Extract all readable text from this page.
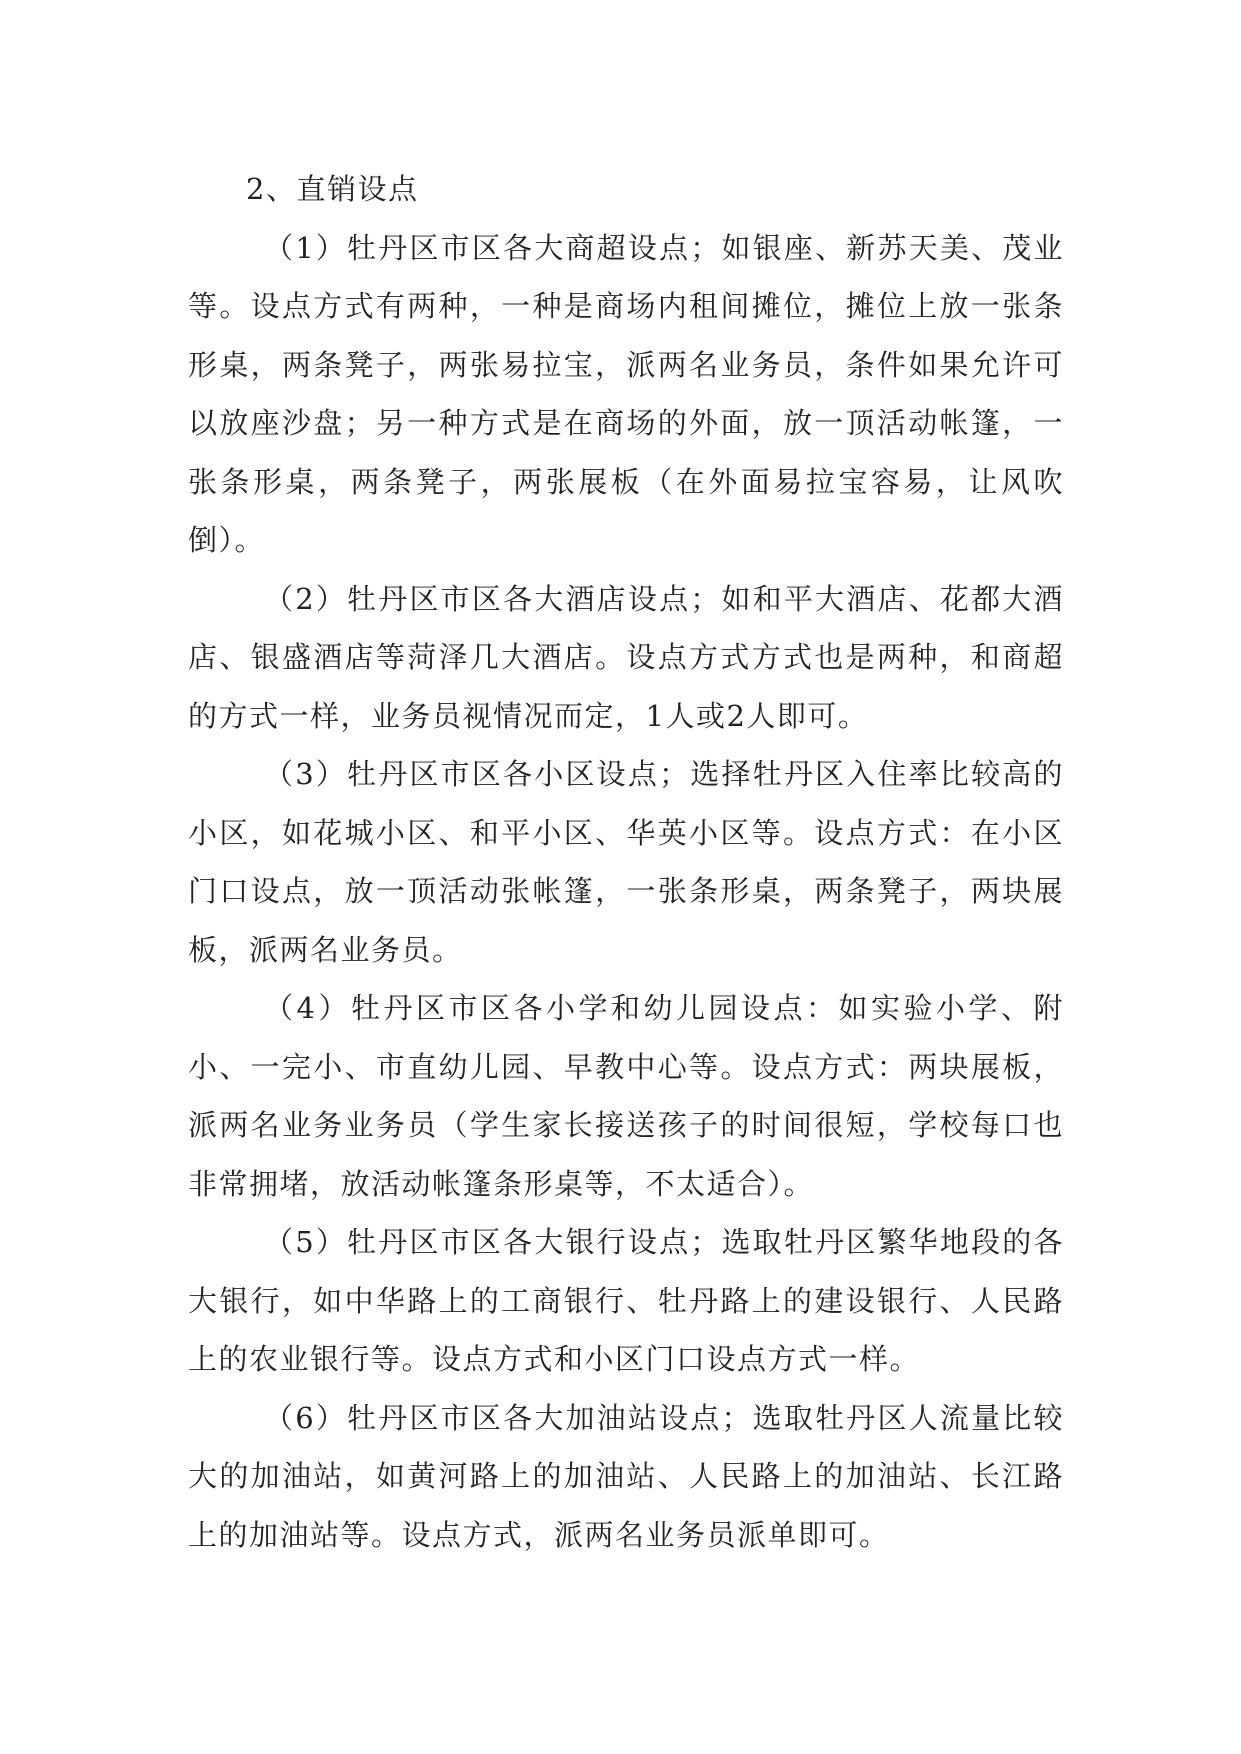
2、直销设点

（1）牡丹区市区各大商超设点；如银座、新苏天美、茂业等。设点方式有两种，一种是商场内租间摊位，摊位上放一张条形桌，两条凳子，两张易拉宝，派两名业务员，条件如果允许可以放座沙盘；另一种方式是在商场的外面，放一顶活动帐篷，一张条形桌，两条凳子，两张展板（在外面易拉宝容易，让风吹倒）。

（2）牡丹区市区各大酒店设点；如和平大酒店、花都大酒店、银盛酒店等菏泽几大酒店。设点方式方式也是两种，和商超的方式一样，业务员视情况而定，1人或2人即可。

（3）牡丹区市区各小区设点；选择牡丹区入住率比较高的小区，如花城小区、和平小区、华英小区等。设点方式：在小区门口设点，放一顶活动张帐篷，一张条形桌，两条凳子，两块展板，派两名业务员。

（4）牡丹区市区各小学和幼儿园设点：如实验小学、附小、一完小、市直幼儿园、早教中心等。设点方式：两块展板，派两名业务业务员（学生家长接送孩子的时间很短，学校每口也非常拥堵，放活动帐篷条形桌等，不太适合）。

（5）牡丹区市区各大银行设点；选取牡丹区繁华地段的各大银行，如中华路上的工商银行、牡丹路上的建设银行、人民路上的农业银行等。设点方式和小区门口设点方式一样。

（6）牡丹区市区各大加油站设点；选取牡丹区人流量比较大的加油站，如黄河路上的加油站、人民路上的加油站、长江路上的加油站等。设点方式，派两名业务员派单即可。
